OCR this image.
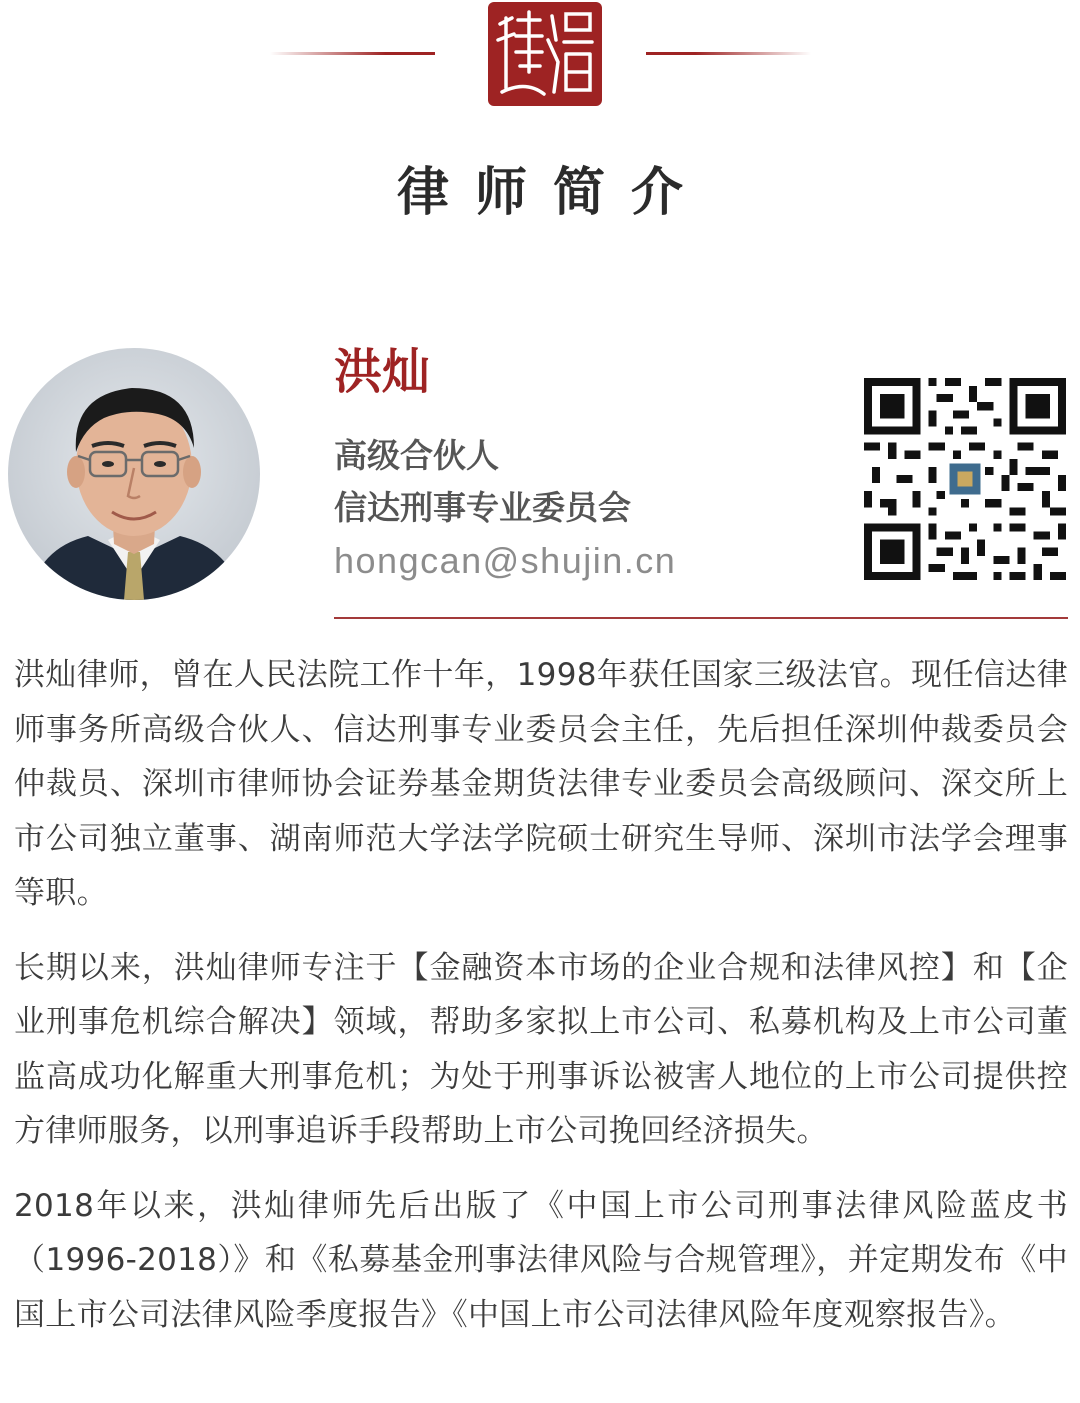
律师简介
洪灿
高级合伙人
信达刑事专业委员会
hongcan@shujin.cn

洪灿律师，曾在人民法院工作十年，1998年获任国家三级法官。现任信达律师事务所高级合伙人、信达刑事专业委员会主任，先后担任深圳仲裁委员会仲裁员、深圳市律师协会证券基金期货法律专业委员会高级顾问、深交所上市公司独立董事、湖南师范大学法学院硕士研究生导师、深圳市法学会理事等职。

长期以来，洪灿律师专注于【金融资本市场的企业合规和法律风控】和【企业刑事危机综合解决】领域，帮助多家拟上市公司、私募机构及上市公司董监高成功化解重大刑事危机；为处于刑事诉讼被害人地位的上市公司提供控方律师服务，以刑事追诉手段帮助上市公司挽回经济损失。

2018年以来，洪灿律师先后出版了《中国上市公司刑事法律风险蓝皮书（1996-2018）》和《私募基金刑事法律风险与合规管理》，并定期发布《中国上市公司法律风险季度报告》《中国上市公司法律风险年度观察报告》。
